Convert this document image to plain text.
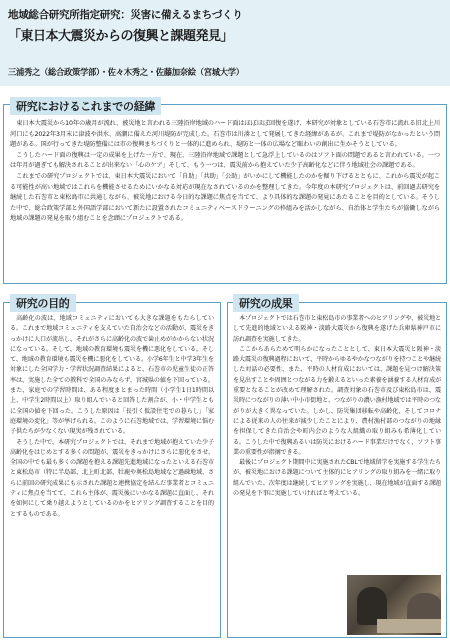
地域総合研究所指定研究：災害に備えるまちづくり
「東日本大震災からの復興と課題発見」
三浦秀之（総合政策学部）・佐々木秀之・佐藤加奈絵（宮城大学）
研究におけるこれまでの経緯

東日本大震災から10年の歳月が流れ、被災地と言われる三陸沿岸地域のハード面はほぼほぼ回復を遂げ、本研究が対象としている石巻市に流れる旧北上川河口にも2022年3月末に津波や洪水、高潮に備えた河川堤防が完成した。石巻市は川湊として発展してきた経緯があるが、これまで堤防がなかったという問題がある。国が行ってきた堤防整備には市の復興まちづくりと一体的に進められ、堤防と一体の広場など賑わいの創出に生かそうとしている。

こうしたハード面の復興は一定の成果を上げた一方で、現在、三陸沿岸地域で課題として急浮上しているのはソフト面の問題であると言われている。一つは年月が過ぎても解決されることが出来ない「心のケア」そして、もう一つは、震災前から抱えていた少子高齢化などに伴う地域社会の課題である。

これまでの研究プロジェクトでは、東日本大震災において「自助」「共助」「公助」がいかにして機能したのかを掘り下げるとともに、これから震災が起こる可能性が高い地域ではこれらを機能させるためにいかなる対応が現在なされているのかを整理してきた。今年度の本研究プロジェクトは、前回過去研究を継続した石巻市と東松島市に共通しながら、被災地における今日的な課題に焦点を当てて、より具体的な課題の発見にあたることを目的としている。そうした中で、総合政策学部と外国語学部において新たに設置されたコミュニティベースドラーニングの枠組みを活かしながら、自治体と学生たちが協働しながら地域の課題の発見を取り組むことを念頭にプロジェクトである。

研究の目的

高齢化の波は、地域コミュニティにおいても大きな課題をもたらしている。これまで地域コミュニティを支えていた自治会などの活動が、震災をきっかけに人口が流出し、それがさらに高齢化の波で歯止めがかからない状況になっている。そして、地域の教育環境も震災を機に悪化をしている。そして、地域の教育環境も震災を機に悪化をしている。小学6年生と中学3年生を対象にした全国学力・学習状況調査結果によると、石巻市の児童生徒の正答率は、実施した全ての教科で全国のみならず、宮城県の値を下回っている。また、家庭での学習時間は、ある程度まとまった時間（小学生1日1時間以上、中学生2時間以上）取り組んでいると回答した割合が、小・中学生ともに全国の値を下回った。こうした原因は「長引く仮設住宅での暮らし」「家庭環境の変化」等が挙げられる。このように石巻地域では、学習環境に悩む子供たちが少なくない現実が残されている。

そうした中で、本研究プロジェクトでは、それまで地域が抱えていた少子高齢化をはじめとする多くの問題が、震災をきっかけにさらに悪化をさせ、全国の中でも最も多くの課題を抱える課題先進地域になったといえる石巻市と東松島市（特に半島部、北上町北部、牡鹿や奥松島地域など過疎地域、さらに前回の研究成果にも示された課題と連携協定を結んだ事業者とコミュニティに焦点を当てて、これら主体が、震災後にいかなる課題に直面し、それを如何にして乗り越えようとしているのかをヒアリング調査することを目的とするものである。

研究の成果

本プロジェクトでは石巻市と東松島市の事業者へのヒアリングや、被災地として先進的地域といえる阪神・淡路大震災から復興を遂げた兵庫県神戸市に訪れ調査を実施してきた。

ここからあらためて明らかになったこととして、東日本大震災と阪神・淡路大震災の復興過程において、平時からゆるやかなつながりを持つことや継続した対話の必要性、また、平時の人材育成においては、課題を見つけ解決策を見出すことや周囲とつながる力を鍛えるといった素養を涵養する人材育成が重要となることが改めて理解された。調査対象の石巻市及び東松島市は、震災時につながりの薄い中小市街地と、つながりの濃い漁村地域では平時のつながりが大きく異なっていた。しかし、防災集団移転や高齢化、そしてコロナによる従来の人の往来が減少したことにより、農村漁村部のつながりの地縁を担保してきた自治会や町内会のような人組織の取り組みも希薄化している。こうした中で復興あるいは防災におけるハード事業だけでなく、ソフト事業の重要性が指摘できる。

最後にプロジェクト期間中に実施されたCBLで地域留学を実施する学生たちが、被災地における課題について主体的にヒアリングの取り組みを一緒に取り組んでいた。次年度は継続してヒアリングを実施し、現在地域が直面する課題の発見を下事に実施していければと考えている。
